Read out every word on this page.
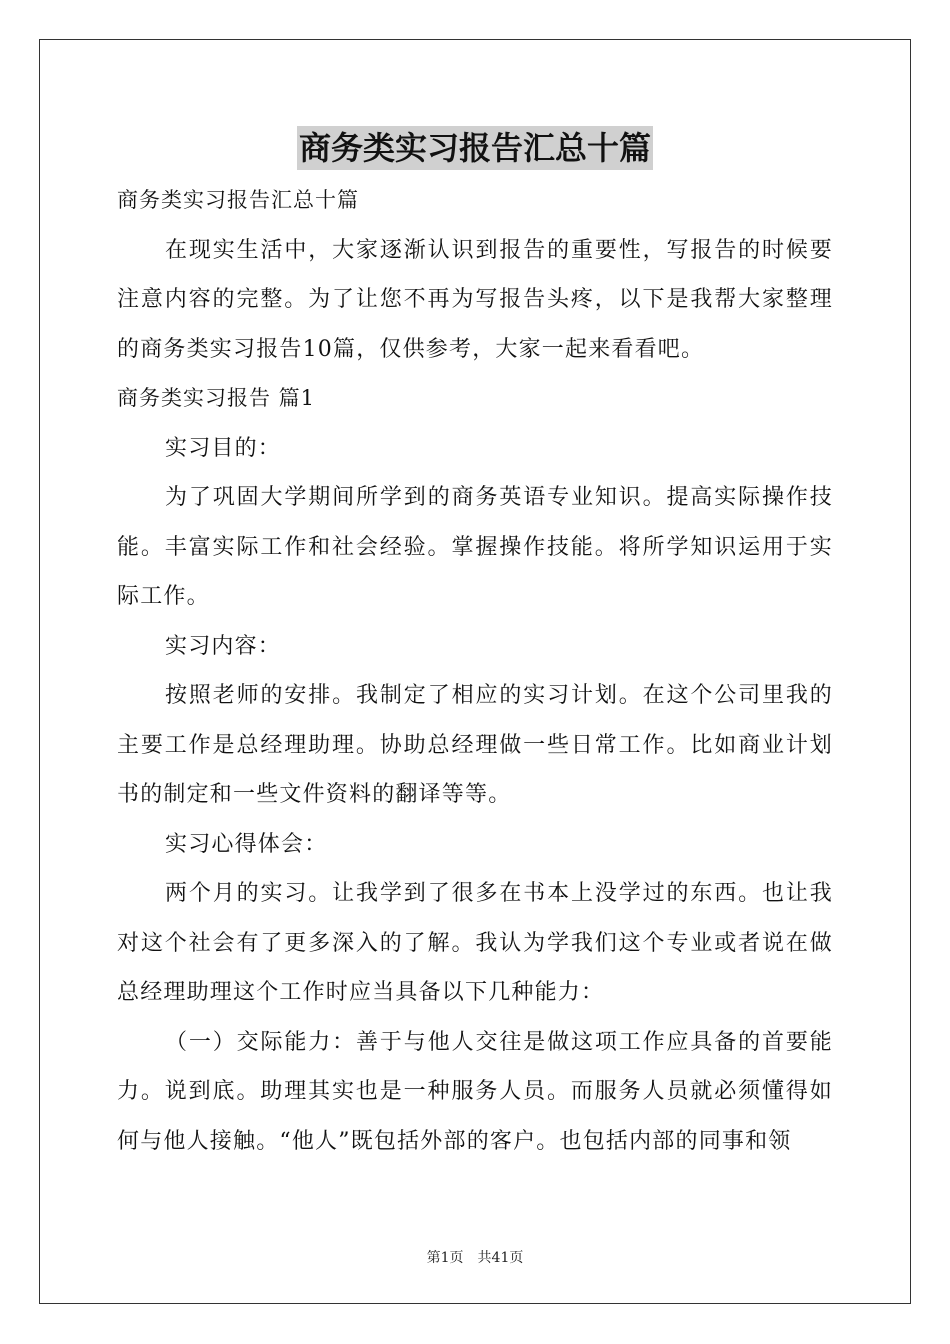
商务类实习报告汇总十篇

商务类实习报告汇总十篇

在现实生活中，大家逐渐认识到报告的重要性，写报告的时候要注意内容的完整。为了让您不再为写报告头疼，以下是我帮大家整理的商务类实习报告10篇，仅供参考，大家一起来看看吧。

商务类实习报告 篇1

实习目的：

为了巩固大学期间所学到的商务英语专业知识。提高实际操作技能。丰富实际工作和社会经验。掌握操作技能。将所学知识运用于实际工作。

实习内容：

按照老师的安排。我制定了相应的实习计划。在这个公司里我的主要工作是总经理助理。协助总经理做一些日常工作。比如商业计划书的制定和一些文件资料的翻译等等。

实习心得体会：

两个月的实习。让我学到了很多在书本上没学过的东西。也让我对这个社会有了更多深入的了解。我认为学我们这个专业或者说在做总经理助理这个工作时应当具备以下几种能力：

（一）交际能力：善于与他人交往是做这项工作应具备的首要能力。说到底。助理其实也是一种服务人员。而服务人员就必须懂得如何与他人接触。“他人”既包括外部的客户。也包括内部的同事和领

第1页　共41页
